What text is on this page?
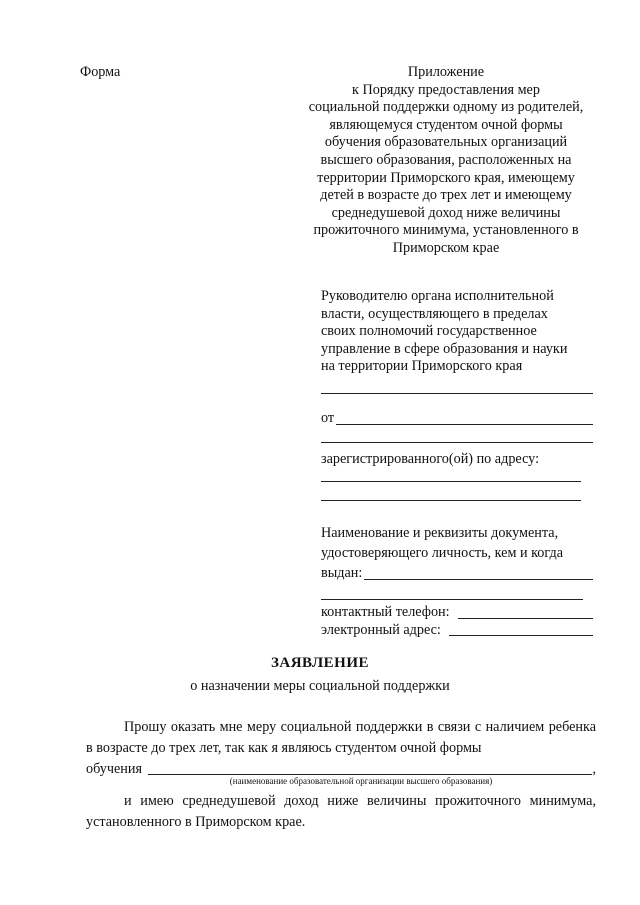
Форма	Приложение
к Порядку предоставления мер
социальной поддержки одному из родителей,
являющемуся студентом очной формы
обучения образовательных организаций
высшего образования, расположенных на
территории Приморского края, имеющему
детей в возрасте до трех лет и имеющему
среднедушевой доход ниже величины
прожиточного минимума, установленного в
Приморском крае
Руководителю органа исполнительной
власти, осуществляющего в пределах
своих полномочий государственное
управление в сфере образования и науки
на территории Приморского края
от
зарегистрированного(ой) по адресу:
Наименование и реквизиты документа,
удостоверяющего личность, кем и когда
выдан:
контактный телефон:
электронный адрес:
ЗАЯВЛЕНИЕ
о назначении меры социальной поддержки
Прошу оказать мне меру социальной поддержки в связи с наличием ребенка в возрасте до трех лет, так как я являюсь студентом очной формы
обучения	,
(наименование образовательной организации высшего образования)
и имею среднедушевой доход ниже величины прожиточного минимума, установленного в Приморском крае.
